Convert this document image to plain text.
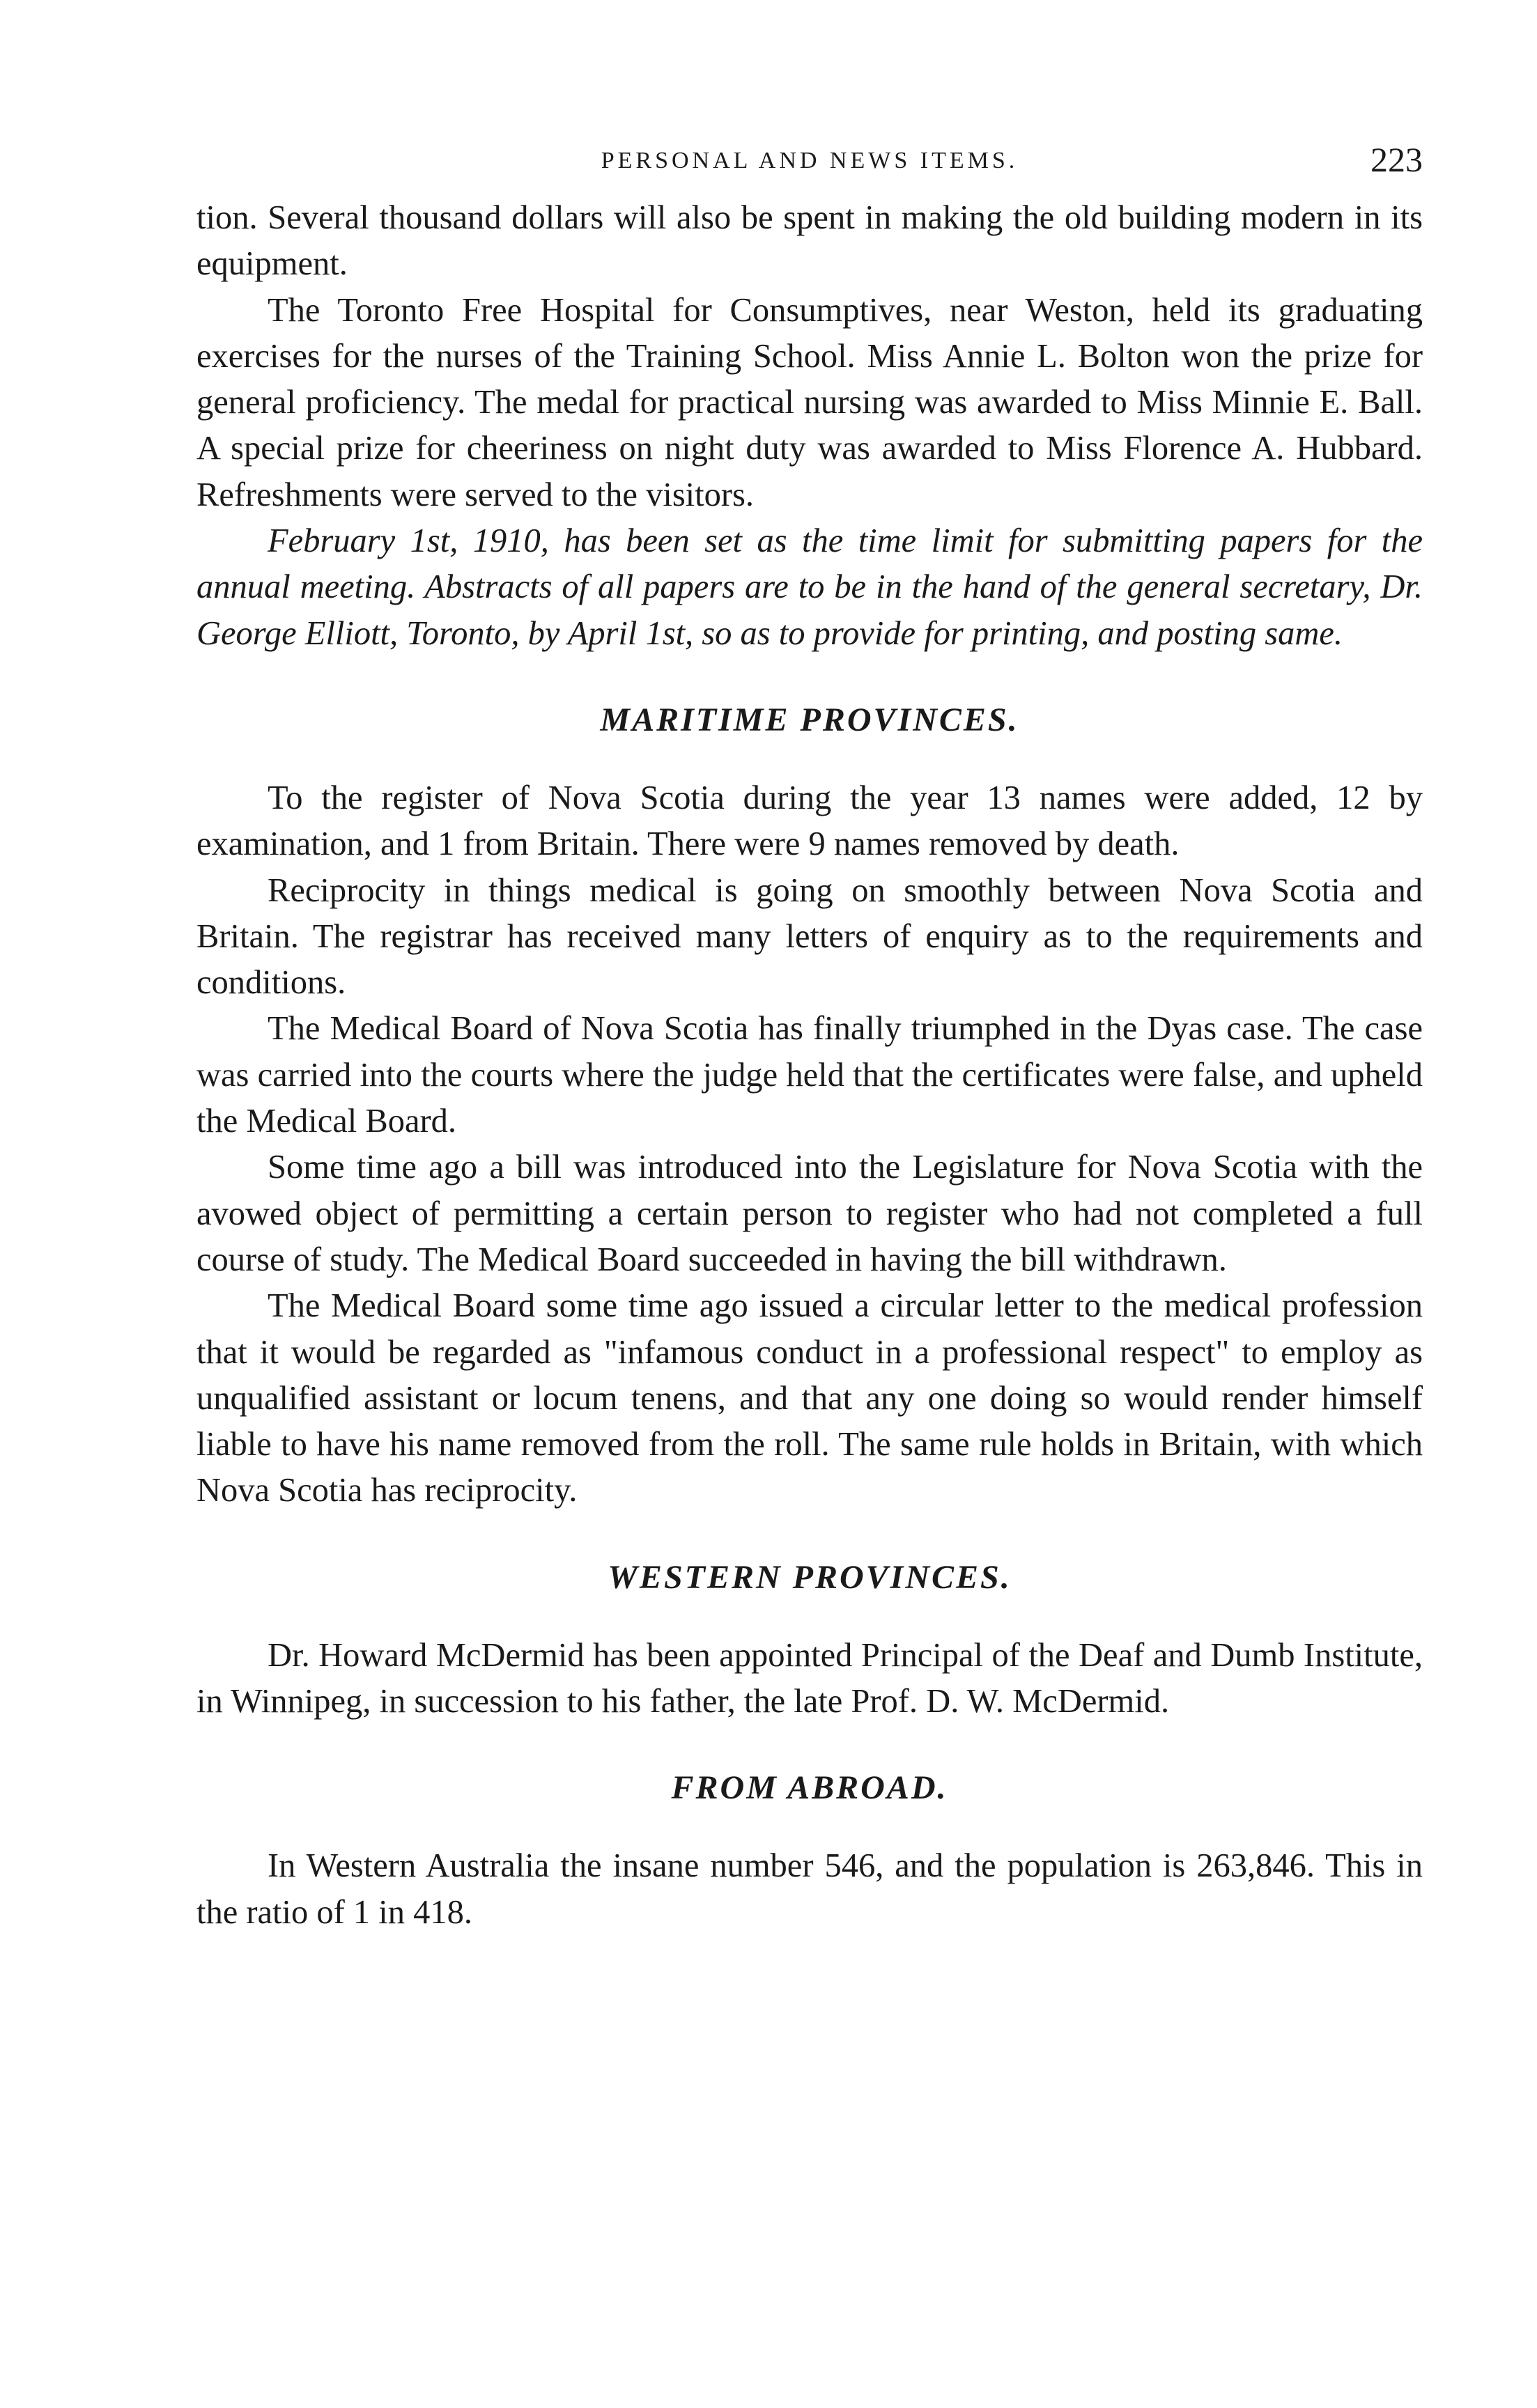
PERSONAL AND NEWS ITEMS.	223

tion. Several thousand dollars will also be spent in making the old building modern in its equipment.

The Toronto Free Hospital for Consumptives, near Weston, held its graduating exercises for the nurses of the Training School. Miss Annie L. Bolton won the prize for general proficiency. The medal for practical nursing was awarded to Miss Minnie E. Ball. A special prize for cheeriness on night duty was awarded to Miss Florence A. Hubbard. Refreshments were served to the visitors.

February 1st, 1910, has been set as the time limit for submitting papers for the annual meeting. Abstracts of all papers are to be in the hand of the general secretary, Dr. George Elliott, Toronto, by April 1st, so as to provide for printing, and posting same.

MARITIME PROVINCES.

To the register of Nova Scotia during the year 13 names were added, 12 by examination, and 1 from Britain. There were 9 names removed by death.

Reciprocity in things medical is going on smoothly between Nova Scotia and Britain. The registrar has received many letters of enquiry as to the requirements and conditions.

The Medical Board of Nova Scotia has finally triumphed in the Dyas case. The case was carried into the courts where the judge held that the certificates were false, and upheld the Medical Board.

Some time ago a bill was introduced into the Legislature for Nova Scotia with the avowed object of permitting a certain person to register who had not completed a full course of study. The Medical Board succeeded in having the bill withdrawn.

The Medical Board some time ago issued a circular letter to the medical profession that it would be regarded as "infamous conduct in a professional respect" to employ as unqualified assistant or locum tenens, and that any one doing so would render himself liable to have his name removed from the roll. The same rule holds in Britain, with which Nova Scotia has reciprocity.

WESTERN PROVINCES.

Dr. Howard McDermid has been appointed Principal of the Deaf and Dumb Institute, in Winnipeg, in succession to his father, the late Prof. D. W. McDermid.

FROM ABROAD.

In Western Australia the insane number 546, and the population is 263,846. This in the ratio of 1 in 418.
